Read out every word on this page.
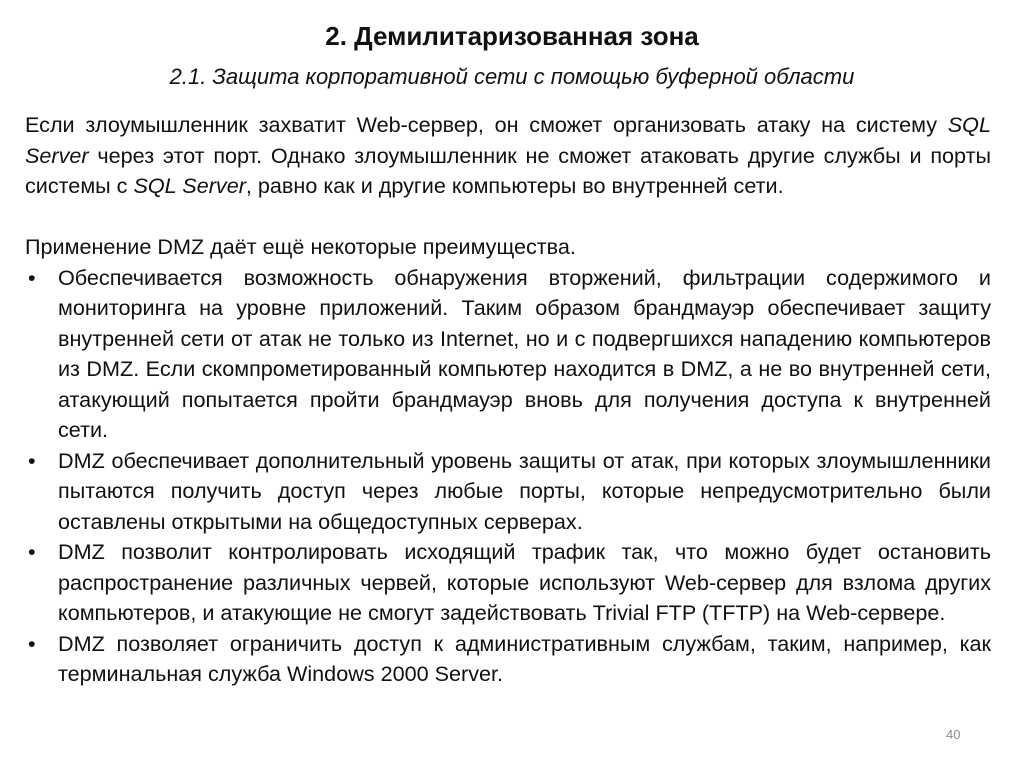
2. Демилитаризованная зона
2.1. Защита корпоративной сети с помощью буферной области

Если злоумышленник захватит Web-сервер, он сможет организовать атаку на систему SQL Server через этот порт. Однако злоумышленник не сможет атаковать другие службы и порты системы с SQL Server, равно как и другие компьютеры во внутренней сети.

Применение DMZ даёт ещё некоторые преимущества.

• Обеспечивается возможность обнаружения вторжений, фильтрации содержимого и мониторинга на уровне приложений. Таким образом брандмауэр обеспечивает защиту внутренней сети от атак не только из Internet, но и с подвергшихся нападению компьютеров из DMZ. Если скомпрометированный компьютер находится в DMZ, а не во внутренней сети, атакующий попытается пройти брандмауэр вновь для получения доступа к внутренней сети.
• DMZ обеспечивает дополнительный уровень защиты от атак, при которых злоумышленники пытаются получить доступ через любые порты, которые непредусмотрительно были оставлены открытыми на общедоступных серверах.
• DMZ позволит контролировать исходящий трафик так, что можно будет остановить распространение различных червей, которые используют Web-сервер для взлома других компьютеров, и атакующие не смогут задействовать Trivial FTP (TFTP) на Web-сервере.
• DMZ позволяет ограничить доступ к административным службам, таким, например, как терминальная служба Windows 2000 Server.
40
